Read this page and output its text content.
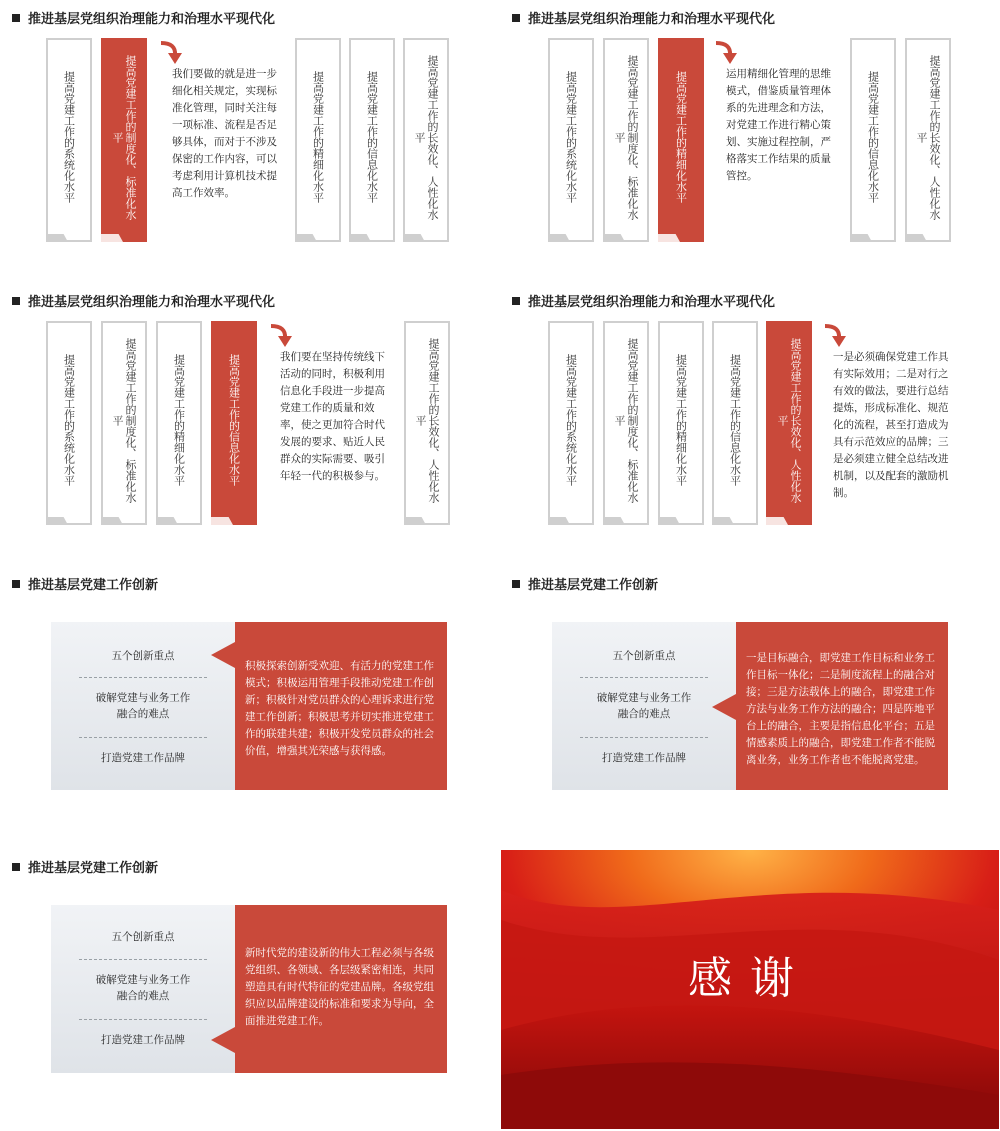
推进基层党组织治理能力和治理水平现代化
提高党建工作的系统化水平	提高党建工作的制度化、标准化水平
我们要做的就是进一步细化相关规定，实现标准化管理，同时关注每一项标准、流程是否足够具体，而对于不涉及保密的工作内容，可以考虑利用计算机技术提高工作效率。	提高党建工作的精细化水平	提高党建工作的信息化水平	提高党建工作的长效化、人性化水平
推进基层党组织治理能力和治理水平现代化
提高党建工作的系统化水平	提高党建工作的制度化、标准化水平	提高党建工作的精细化水平	运用精细化管理的思维模式，借鉴质量管理体系的先进理念和方法，对党建工作进行精心策划、实施过程控制，严格落实工作结果的质量管控。	提高党建工作的信息化水平	提高党建工作的长效化、人性化水平
推进基层党组织治理能力和治理水平现代化
提高党建工作的系统化水平	提高党建工作的制度化、标准化水平	提高党建工作的精细化水平	提高党建工作的信息化水平	我们要在坚持传统线下活动的同时，积极利用信息化手段进一步提高党建工作的质量和效率，使之更加符合时代发展的要求、贴近人民群众的实际需要、吸引年轻一代的积极参与。	提高党建工作的长效化、人性化水平
推进基层党组织治理能力和治理水平现代化
提高党建工作的系统化水平	提高党建工作的制度化、标准化水平	提高党建工作的精细化水平	提高党建工作的信息化水平	提高党建工作的长效化、人性化水平
一是必须确保党建工作具有实际效用；二是对行之有效的做法，要进行总结提炼，形成标准化、规范化的流程，甚至打造成为具有示范效应的品牌；三是必须建立健全总结改进机制，以及配套的激励机制。
推进基层党建工作创新
五个创新重点
破解党建与业务工作融合的难点
打造党建工作品牌
积极探索创新受欢迎、有活力的党建工作模式；积极运用管理手段推动党建工作创新；积极针对党员群众的心理诉求进行党建工作创新；积极思考并切实推进党建工作的联建共建；积极开发党员群众的社会价值，增强其光荣感与获得感。
推进基层党建工作创新
五个创新重点
破解党建与业务工作融合的难点
打造党建工作品牌
一是目标融合，即党建工作目标和业务工作目标一体化；二是制度流程上的融合对接；三是方法载体上的融合，即党建工作方法与业务工作方法的融合；四是阵地平台上的融合，主要是指信息化平台；五是情感素质上的融合，即党建工作者不能脱离业务，业务工作者也不能脱离党建。
推进基层党建工作创新
五个创新重点
破解党建与业务工作融合的难点
打造党建工作品牌
新时代党的建设新的伟大工程必须与各级党组织、各领域、各层级紧密相连，共同塑造具有时代特征的党建品牌。各级党组织应以品牌建设的标准和要求为导向，全面推进党建工作。
感谢
